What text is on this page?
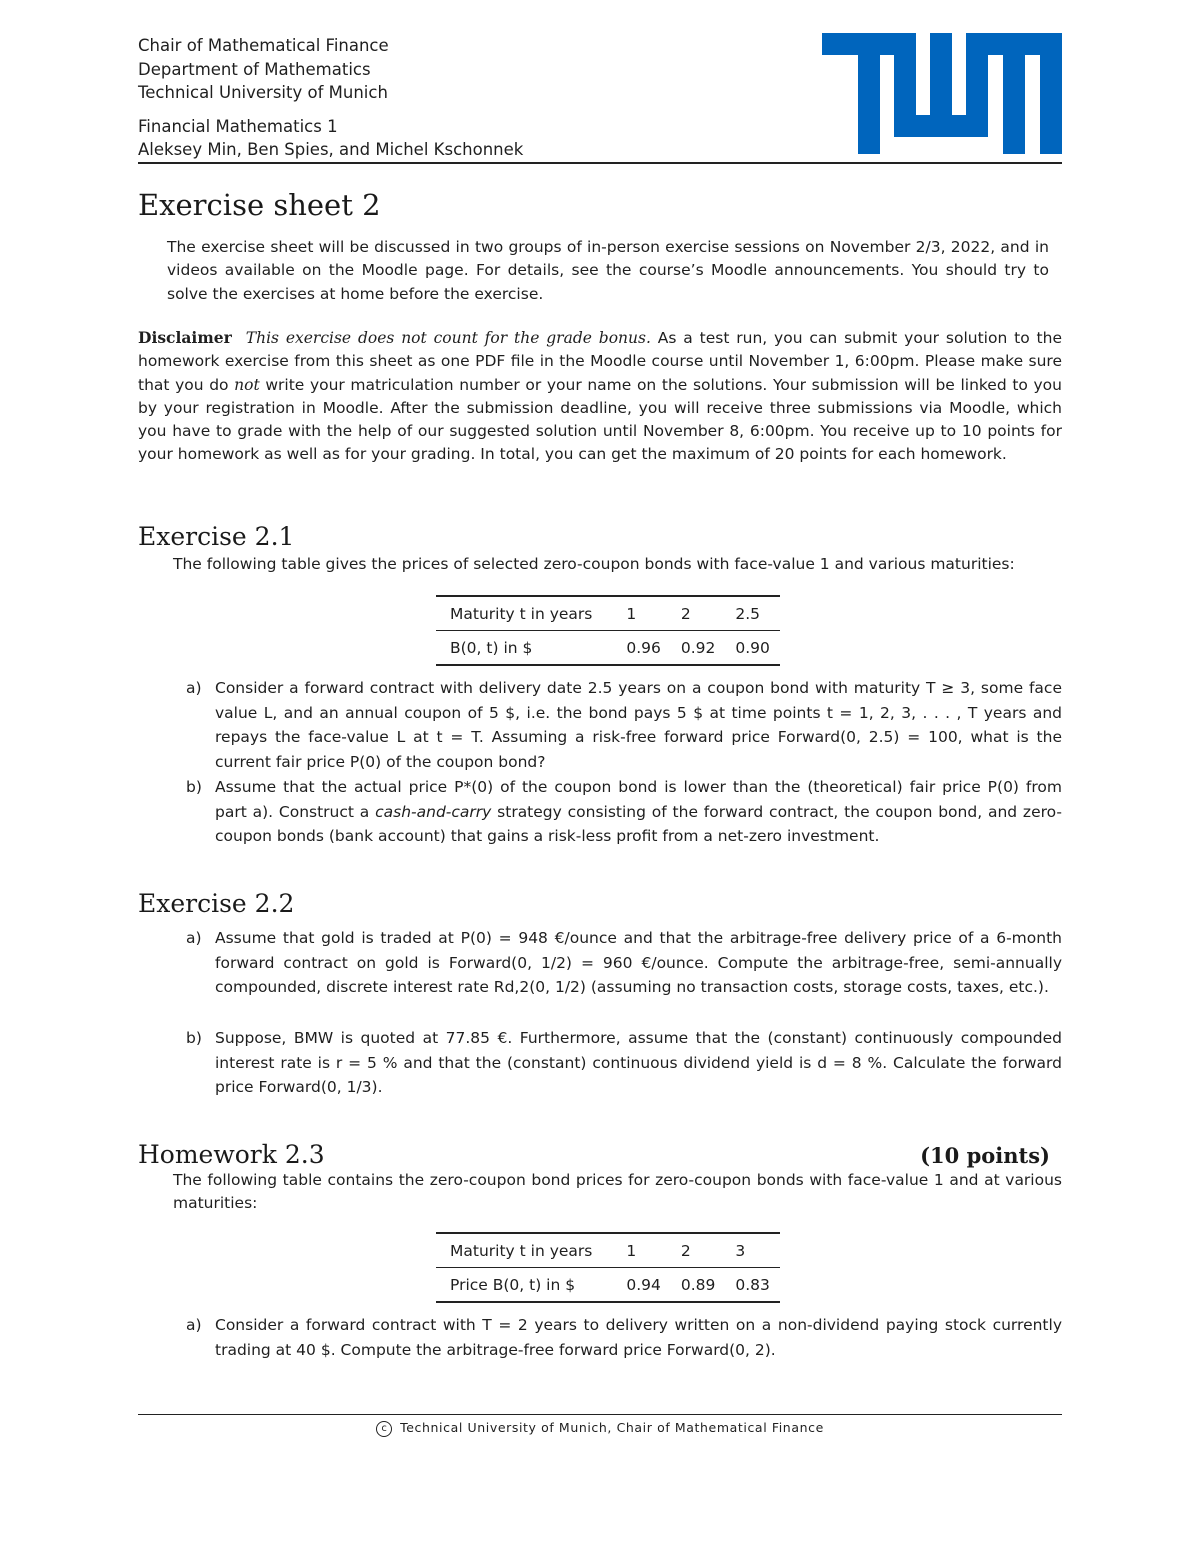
Chair of Mathematical Finance
Department of Mathematics
Technical University of Munich
Financial Mathematics 1
Aleksey Min, Ben Spies, and Michel Kschonnek
Exercise sheet 2
The exercise sheet will be discussed in two groups of in-person exercise sessions on November 2/3, 2022, and in videos available on the Moodle page. For details, see the course’s Moodle announcements. You should try to solve the exercises at home before the exercise.
Disclaimer This exercise does not count for the grade bonus. As a test run, you can submit your solution to the homework exercise from this sheet as one PDF file in the Moodle course until November 1, 6:00pm. Please make sure that you do not write your matriculation number or your name on the solutions. Your submission will be linked to you by your registration in Moodle. After the submission deadline, you will receive three submissions via Moodle, which you have to grade with the help of our suggested solution until November 8, 6:00pm. You receive up to 10 points for your homework as well as for your grading. In total, you can get the maximum of 20 points for each homework.
Exercise 2.1
The following table gives the prices of selected zero-coupon bonds with face-value 1 and various maturities:
Maturity t in years	1	2	2.5
B(0, t) in $	0.96	0.92	0.90
a) Consider a forward contract with delivery date 2.5 years on a coupon bond with maturity T ≥ 3, some face value L, and an annual coupon of 5 $, i.e. the bond pays 5 $ at time points t = 1, 2, 3, . . . , T years and repays the face-value L at t = T. Assuming a risk-free forward price Forward(0, 2.5) = 100, what is the current fair price P(0) of the coupon bond?
b) Assume that the actual price P*(0) of the coupon bond is lower than the (theoretical) fair price P(0) from part a). Construct a cash-and-carry strategy consisting of the forward contract, the coupon bond, and zero-coupon bonds (bank account) that gains a risk-less profit from a net-zero investment.
Exercise 2.2
a) Assume that gold is traded at P(0) = 948 €/ounce and that the arbitrage-free delivery price of a 6-month forward contract on gold is Forward(0, 1/2) = 960 €/ounce. Compute the arbitrage-free, semi-annually compounded, discrete interest rate Rd,2(0, 1/2) (assuming no transaction costs, storage costs, taxes, etc.).
b) Suppose, BMW is quoted at 77.85 €. Furthermore, assume that the (constant) continuously compounded interest rate is r = 5 % and that the (constant) continuous dividend yield is d = 8 %. Calculate the forward price Forward(0, 1/3).
Homework 2.3	(10 points)
The following table contains the zero-coupon bond prices for zero-coupon bonds with face-value 1 and at various maturities:
Maturity t in years	1	2	3
Price B(0, t) in $	0.94	0.89	0.83
a) Consider a forward contract with T = 2 years to delivery written on a non-dividend paying stock currently trading at 40 $. Compute the arbitrage-free forward price Forward(0, 2).
c Technical University of Munich, Chair of Mathematical Finance
